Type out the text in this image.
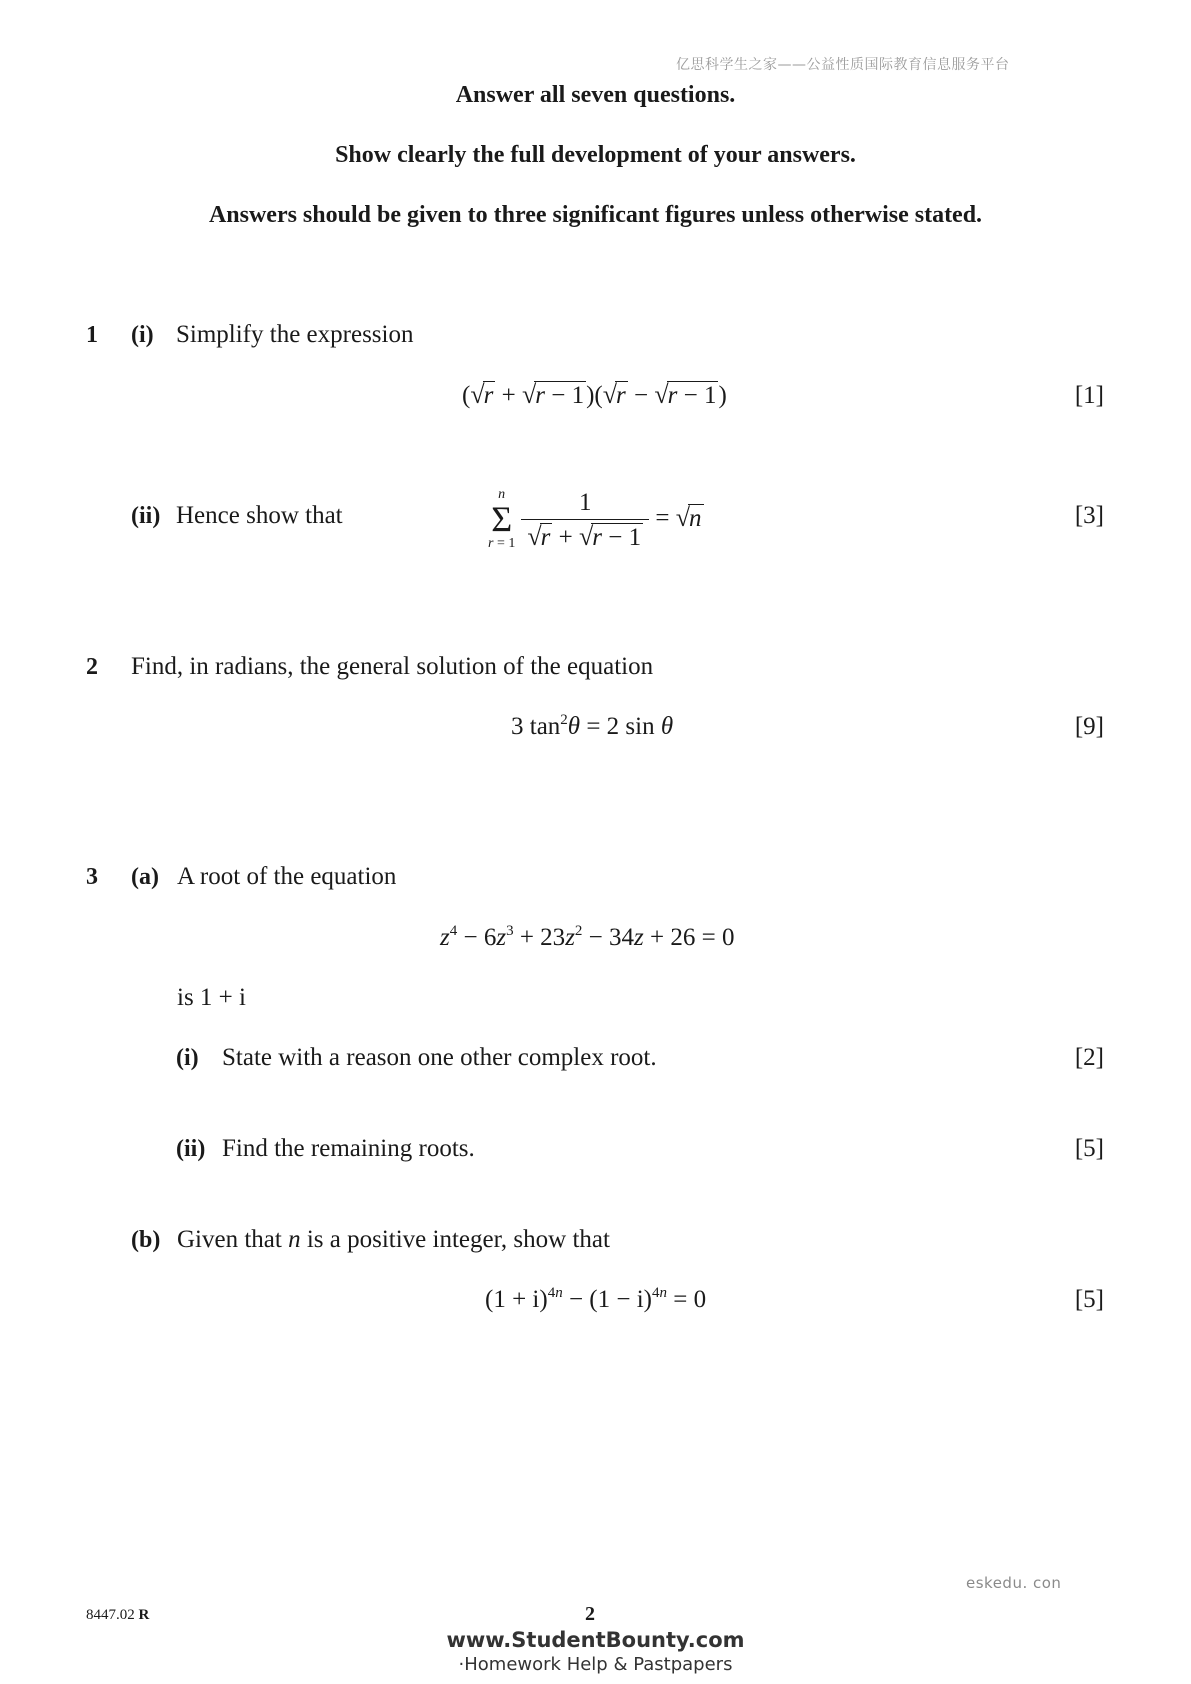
亿思科学生之家——公益性质国际教育信息服务平台
Answer all seven questions.
Show clearly the full development of your answers.
Answers should be given to three significant figures unless otherwise stated.
1 (i) Simplify the expression
(√r + √r − 1)(√r − √r − 1)	[1]
(ii) Hence show that
n
Σ
$r = 1 \frac{1}{√r + √r - 1} = √n$	[3]
2 Find, in radians, the general solution of the equation
3 $\tan^2\theta = 2$ sin θ	[9]
3 (a) A root of the equation
$z^4 - 6z^3 + 23z^2 - 34z + 26 = 0$
is 1 + i
(i) State with a reason one other complex root.	[2]
(ii) Find the remaining roots.	[5]
(b) Given that n is a positive integer, show that
$(1 + i)^{4n} - (1 - i)^{4n} = 0$	[5]
eskedu. con
8447.02 R	2
www.StudentBounty.com
·Homework Help & Pastpapers
